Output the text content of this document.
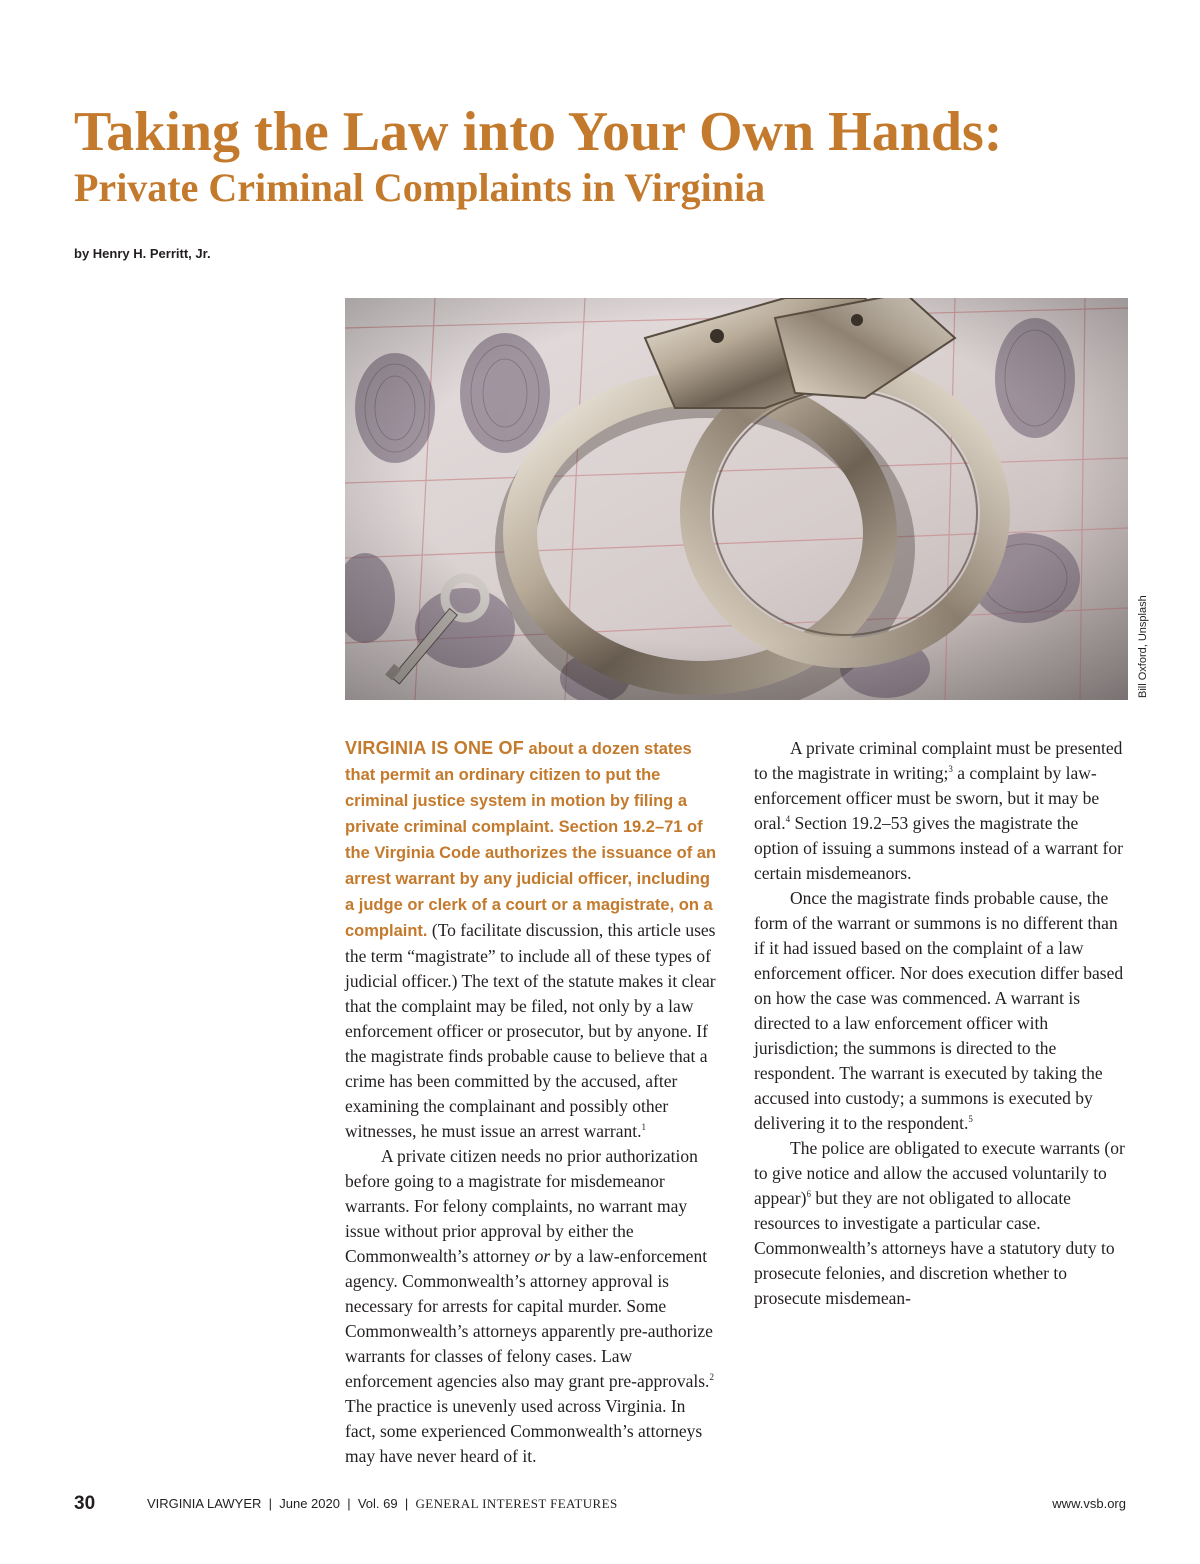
Taking the Law into Your Own Hands:
Private Criminal Complaints in Virginia
by Henry H. Perritt, Jr.
Bill Oxford, Unsplash

VIRGINIA IS ONE OF about a dozen states that permit an ordinary citizen to put the criminal justice system in motion by filing a private criminal complaint. Section 19.2–71 of the Virginia Code authorizes the issuance of an arrest warrant by any judicial officer, including a judge or clerk of a court or a magistrate, on a complaint. (To facilitate discussion, this article uses the term “magistrate” to include all of these types of judicial officer.) The text of the statute makes it clear that the complaint may be filed, not only by a law enforcement officer or prosecutor, but by anyone. If the magistrate finds probable cause to believe that a crime has been committed by the accused, after examining the complainant and possibly other witnesses, he must issue an arrest warrant.$^1$

A private citizen needs no prior authorization before going to a magistrate for misdemeanor warrants. For felony complaints, no warrant may issue without prior approval by either the Commonwealth’s attorney or by a law-enforcement agency. Commonwealth’s attorney approval is necessary for arrests for capital murder. Some Commonwealth’s attorneys apparently pre-authorize warrants for classes of felony cases. Law enforcement agencies also may grant pre-approvals.$^2$ The practice is unevenly used across Virginia. In fact, some experienced Commonwealth’s attorneys may have never heard of it.

A private criminal complaint must be presented to the magistrate in writing;$^3$ a complaint by law-enforcement officer must be sworn, but it may be oral.$^4$ Section 19.2–53 gives the magistrate the option of issuing a summons instead of a warrant for certain misdemeanors.

Once the magistrate finds probable cause, the form of the warrant or summons is no different than if it had issued based on the complaint of a law enforcement officer. Nor does execution differ based on how the case was commenced. A warrant is directed to a law enforcement officer with jurisdiction; the summons is directed to the respondent. The warrant is executed by taking the accused into custody; a summons is executed by delivering it to the respondent.$^5$

The police are obligated to execute warrants (or to give notice and allow the accused voluntarily to appear)$^6$ but they are not obligated to allocate resources to investigate a particular case. Commonwealth’s attorneys have a statutory duty to prosecute felonies, and discretion whether to prosecute misdemean-

30	VIRGINIA LAWYER | June 2020 | Vol. 69 | GENERAL INTEREST FEATURES	www.vsb.org
